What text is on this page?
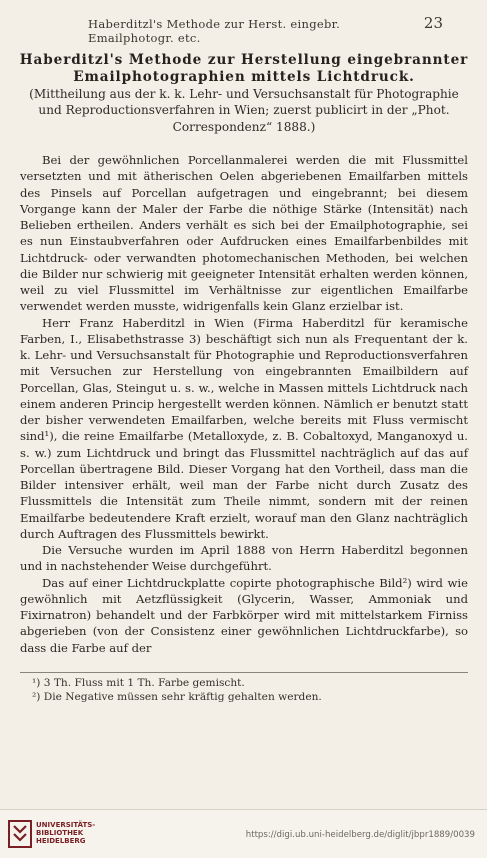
Haberditzl's Methode zur Herst. eingebr. Emailphotogr. etc.
23
Haberditzl's Methode zur Herstellung eingebrannter Emailphotographien mittels Lichtdruck.
(Mittheilung aus der k. k. Lehr- und Versuchsanstalt für Photographie und Reproductionsverfahren in Wien; zuerst publicirt in der „Phot. Correspondenz“ 1888.)

Bei der gewöhnlichen Porcellanmalerei werden die mit Flussmittel versetzten und mit ätherischen Oelen abgeriebenen Emailfarben mittels des Pinsels auf Porcellan aufgetragen und eingebrannt; bei diesem Vorgange kann der Maler der Farbe die nöthige Stärke (Intensität) nach Belieben ertheilen. Anders verhält es sich bei der Emailphotographie, sei es nun Einstaubverfahren oder Aufdrucken eines Emailfarbenbildes mit Lichtdruck- oder verwandten photomechanischen Methoden, bei welchen die Bilder nur schwierig mit geeigneter Intensität erhalten werden können, weil zu viel Flussmittel im Verhältnisse zur eigentlichen Emailfarbe verwendet werden musste, widrigenfalls kein Glanz erzielbar ist.

Herr Franz Haberditzl in Wien (Firma Haberditzl für keramische Farben, I., Elisabethstrasse 3) beschäftigt sich nun als Frequentant der k. k. Lehr- und Versuchsanstalt für Photographie und Reproductionsverfahren mit Versuchen zur Herstellung von eingebrannten Emailbildern auf Porcellan, Glas, Steingut u. s. w., welche in Massen mittels Lichtdruck nach einem anderen Princip hergestellt werden können. Nämlich er benutzt statt der bisher verwendeten Emailfarben, welche bereits mit Fluss vermischt sind¹), die reine Emailfarbe (Metalloxyde, z. B. Cobaltoxyd, Manganoxyd u. s. w.) zum Lichtdruck und bringt das Flussmittel nachträglich auf das auf Porcellan übertragene Bild. Dieser Vorgang hat den Vortheil, dass man die Bilder intensiver erhält, weil man der Farbe nicht durch Zusatz des Flussmittels die Intensität zum Theile nimmt, sondern mit der reinen Emailfarbe bedeutendere Kraft erzielt, worauf man den Glanz nachträglich durch Auftragen des Flussmittels bewirkt.

Die Versuche wurden im April 1888 von Herrn Haberditzl begonnen und in nachstehender Weise durchgeführt.

Das auf einer Lichtdruckplatte copirte photographische Bild²) wird wie gewöhnlich mit Aetzflüssigkeit (Glycerin, Wasser, Ammoniak und Fixirnatron) behandelt und der Farbkörper wird mit mittelstarkem Firniss abgerieben (von der Consistenz einer gewöhnlichen Lichtdruckfarbe), so dass die Farbe auf der

¹) 3 Th. Fluss mit 1 Th. Farbe gemischt.
²) Die Negative müssen sehr kräftig gehalten werden.
UNIVERSITÄTS-
BIBLIOTHEK
HEIDELBERG
https://digi.ub.uni-heidelberg.de/diglit/jbpr1889/0039
